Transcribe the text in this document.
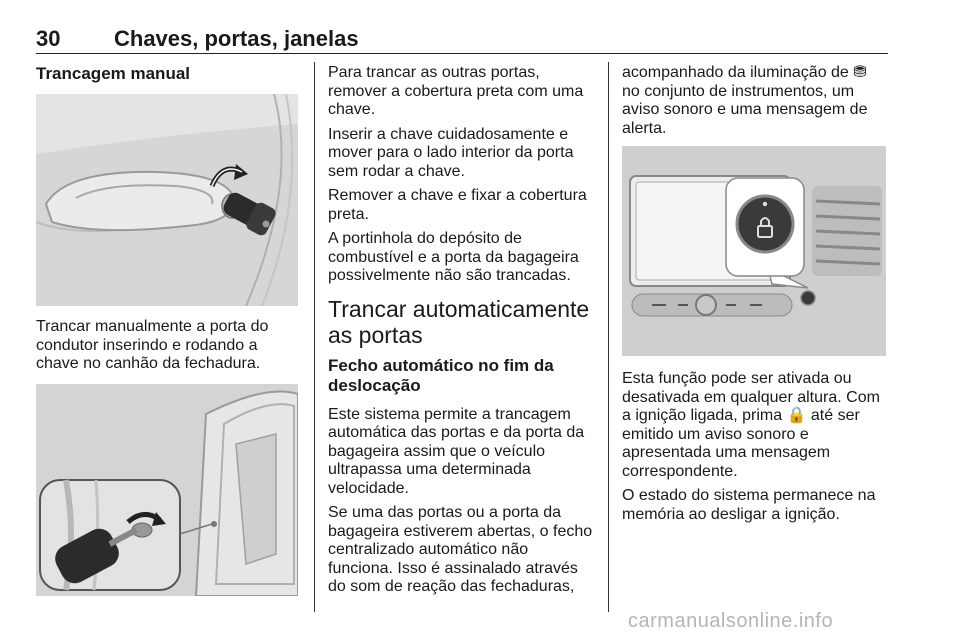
30 Chaves, portas, janelas
Trancagem manual

Trancar manualmente a porta do condutor inserindo e rodando a chave no canhão da fechadura.

Para trancar as outras portas, remover a cobertura preta com uma chave.

Inserir a chave cuidadosamente e mover para o lado interior da porta sem rodar a chave.

Remover a chave e fixar a cobertura preta.

A portinhola do depósito de combustível e a porta da bagageira possivelmente não são trancadas.

Trancar automaticamente as portas
Fecho automático no fim da deslocação

Este sistema permite a trancagem automática das portas e da porta da bagageira assim que o veículo ultrapassa uma determinada velocidade.

Se uma das portas ou a porta da bagageira estiverem abertas, o fecho centralizado automático não funciona. Isso é assinalado através do som de reação das fechaduras,

acompanhado da iluminação de ⛃ no conjunto de instrumentos, um aviso sonoro e uma mensagem de alerta.

Esta função pode ser ativada ou desativada em qualquer altura. Com a ignição ligada, prima 🔒 até ser emitido um aviso sonoro e apresentada uma mensagem correspondente.

O estado do sistema permanece na memória ao desligar a ignição.

carmanualsonline.info
